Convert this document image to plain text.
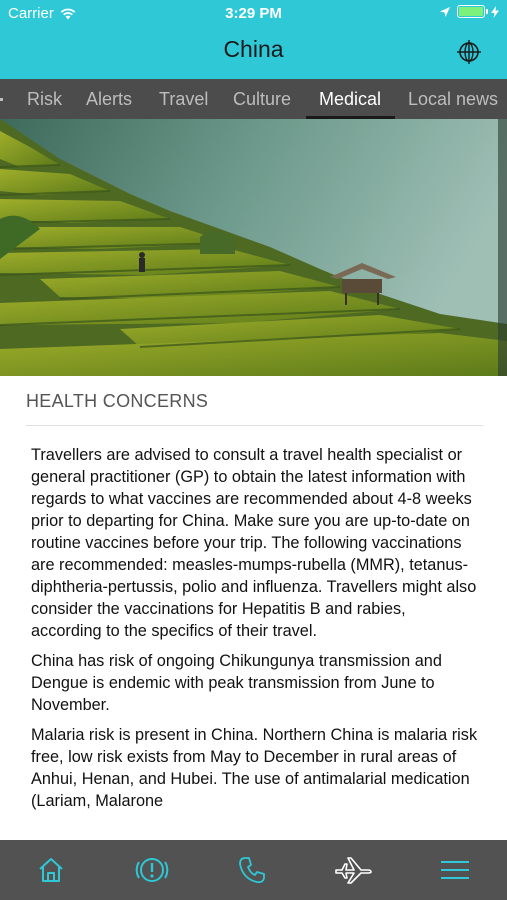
Carrier	3:29 PM
China
Risk Alerts Travel Culture Medical Local news
HEALTH CONCERNS

Travellers are advised to consult a travel health specialist or general practitioner (GP) to obtain the latest information with regards to what vaccines are recommended about 4-8 weeks prior to departing for China. Make sure you are up-to-date on routine vaccines before your trip. The following vaccinations are recommended: measles-mumps-rubella (MMR), tetanus-diphtheria-pertussis, polio and influenza. Travellers might also consider the vaccinations for Hepatitis B and rabies, according to the specifics of their travel.

China has risk of ongoing Chikungunya transmission and Dengue is endemic with peak transmission from June to November.

Malaria risk is present in China. Northern China is malaria risk free, low risk exists from May to December in rural areas of Anhui, Henan, and Hubei. The use of antimalarial medication (Lariam, Malarone
